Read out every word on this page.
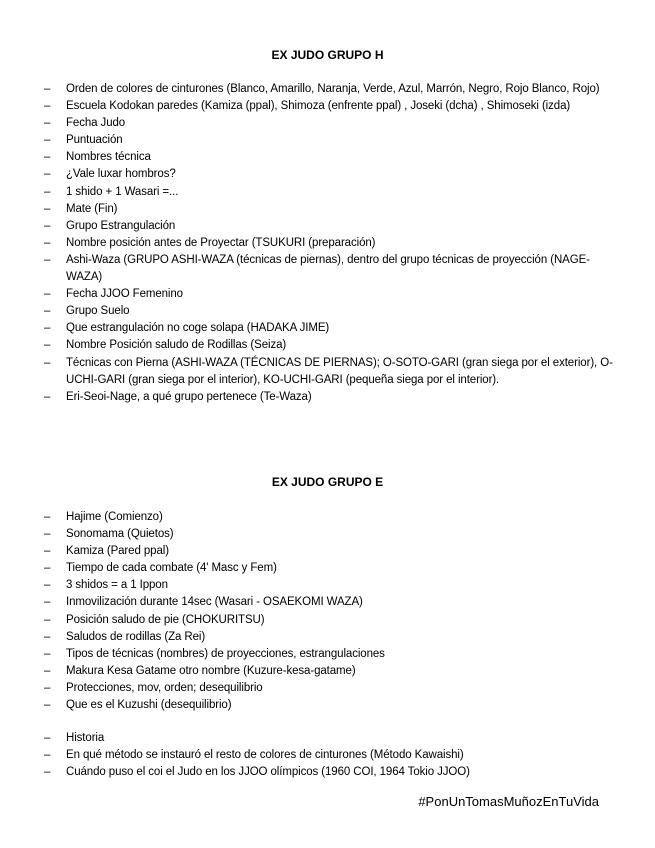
EX JUDO GRUPO H
– Orden de colores de cinturones (Blanco, Amarillo, Naranja, Verde, Azul, Marrón, Negro, Rojo Blanco, Rojo)
– Escuela Kodokan paredes (Kamiza (ppal), Shimoza (enfrente ppal) , Joseki (dcha) , Shimoseki (izda)
– Fecha Judo
– Puntuación
– Nombres técnica
– ¿Vale luxar hombros?
– 1 shido + 1 Wasari =...
– Mate (Fin)
– Grupo Estrangulación
– Nombre posición antes de Proyectar (TSUKURI (preparación)
– Ashi-Waza (GRUPO ASHI-WAZA (técnicas de piernas), dentro del grupo técnicas de proyección (NAGE-WAZA)
– Fecha JJOO Femenino
– Grupo Suelo
– Que estrangulación no coge solapa (HADAKA JIME)
– Nombre Posición saludo de Rodillas (Seiza)
– Técnicas con Pierna (ASHI-WAZA (TÉCNICAS DE PIERNAS); O-SOTO-GARI (gran siega por el exterior), O-UCHI-GARI (gran siega por el interior), KO-UCHI-GARI (pequeña siega por el interior).
– Eri-Seoi-Nage, a qué grupo pertenece (Te-Waza)
EX JUDO GRUPO E
– Hajime (Comienzo)
– Sonomama (Quietos)
– Kamiza (Pared ppal)
– Tiempo de cada combate (4' Masc y Fem)
– 3 shidos = a 1 Ippon
– Inmovilización durante 14sec (Wasari - OSAEKOMI WAZA)
– Posición saludo de pie (CHOKURITSU)
– Saludos de rodillas (Za Rei)
– Tipos de técnicas (nombres) de proyecciones, estrangulaciones
– Makura Kesa Gatame otro nombre (Kuzure-kesa-gatame)
– Protecciones, mov, orden; desequilibrio
– Que es el Kuzushi (desequilibrio)
– Historia
– En qué método se instauró el resto de colores de cinturones (Método Kawaishi)
– Cuándo puso el coi el Judo en los JJOO olímpicos (1960 COI, 1964 Tokio JJOO)
#PonUnTomasMuñozEnTuVida
